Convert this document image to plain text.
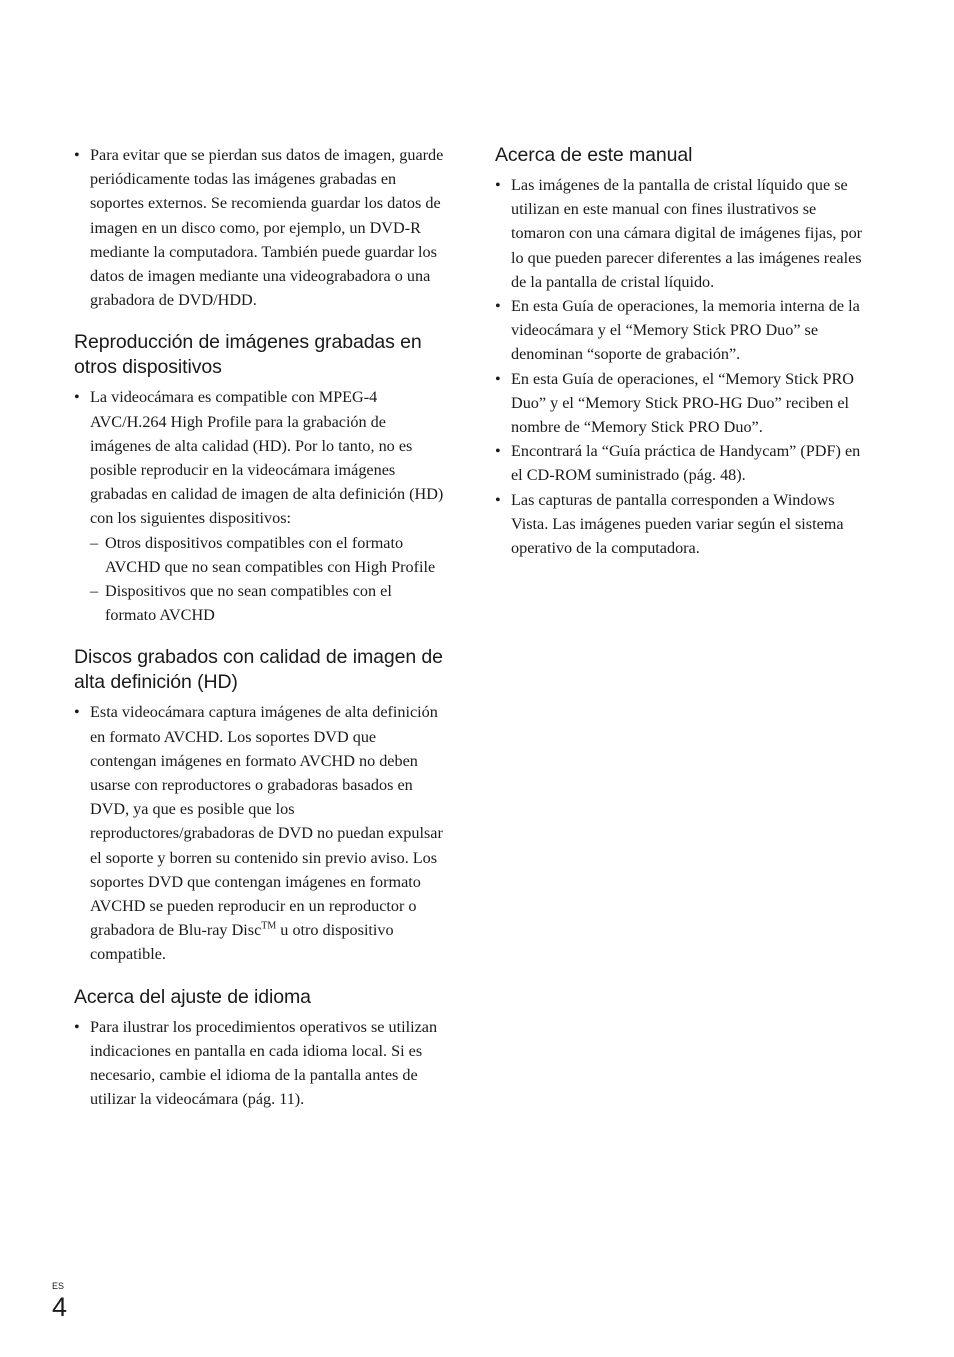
• Para evitar que se pierdan sus datos de imagen, guarde periódicamente todas las imágenes grabadas en soportes externos. Se recomienda guardar los datos de imagen en un disco como, por ejemplo, un DVD-R mediante la computadora. También puede guardar los datos de imagen mediante una videograbadora o una grabadora de DVD/HDD.
Reproducción de imágenes grabadas en otros dispositivos
• La videocámara es compatible con MPEG-4 AVC/H.264 High Profile para la grabación de imágenes de alta calidad (HD). Por lo tanto, no es posible reproducir en la videocámara imágenes grabadas en calidad de imagen de alta definición (HD) con los siguientes dispositivos:
– Otros dispositivos compatibles con el formato AVCHD que no sean compatibles con High Profile
– Dispositivos que no sean compatibles con el formato AVCHD
Discos grabados con calidad de imagen de alta definición (HD)
• Esta videocámara captura imágenes de alta definición en formato AVCHD. Los soportes DVD que contengan imágenes en formato AVCHD no deben usarse con reproductores o grabadoras basados en DVD, ya que es posible que los reproductores/grabadoras de DVD no puedan expulsar el soporte y borren su contenido sin previo aviso. Los soportes DVD que contengan imágenes en formato AVCHD se pueden reproducir en un reproductor o grabadora de Blu-ray Disc™ u otro dispositivo compatible.
Acerca del ajuste de idioma
• Para ilustrar los procedimientos operativos se utilizan indicaciones en pantalla en cada idioma local. Si es necesario, cambie el idioma de la pantalla antes de utilizar la videocámara (pág. 11).
Acerca de este manual
• Las imágenes de la pantalla de cristal líquido que se utilizan en este manual con fines ilustrativos se tomaron con una cámara digital de imágenes fijas, por lo que pueden parecer diferentes a las imágenes reales de la pantalla de cristal líquido.
• En esta Guía de operaciones, la memoria interna de la videocámara y el “Memory Stick PRO Duo” se denominan “soporte de grabación”.
• En esta Guía de operaciones, el “Memory Stick PRO Duo” y el “Memory Stick PRO-HG Duo” reciben el nombre de “Memory Stick PRO Duo”.
• Encontrará la “Guía práctica de Handycam” (PDF) en el CD-ROM suministrado (pág. 48).
• Las capturas de pantalla corresponden a Windows Vista. Las imágenes pueden variar según el sistema operativo de la computadora.
ES
4
